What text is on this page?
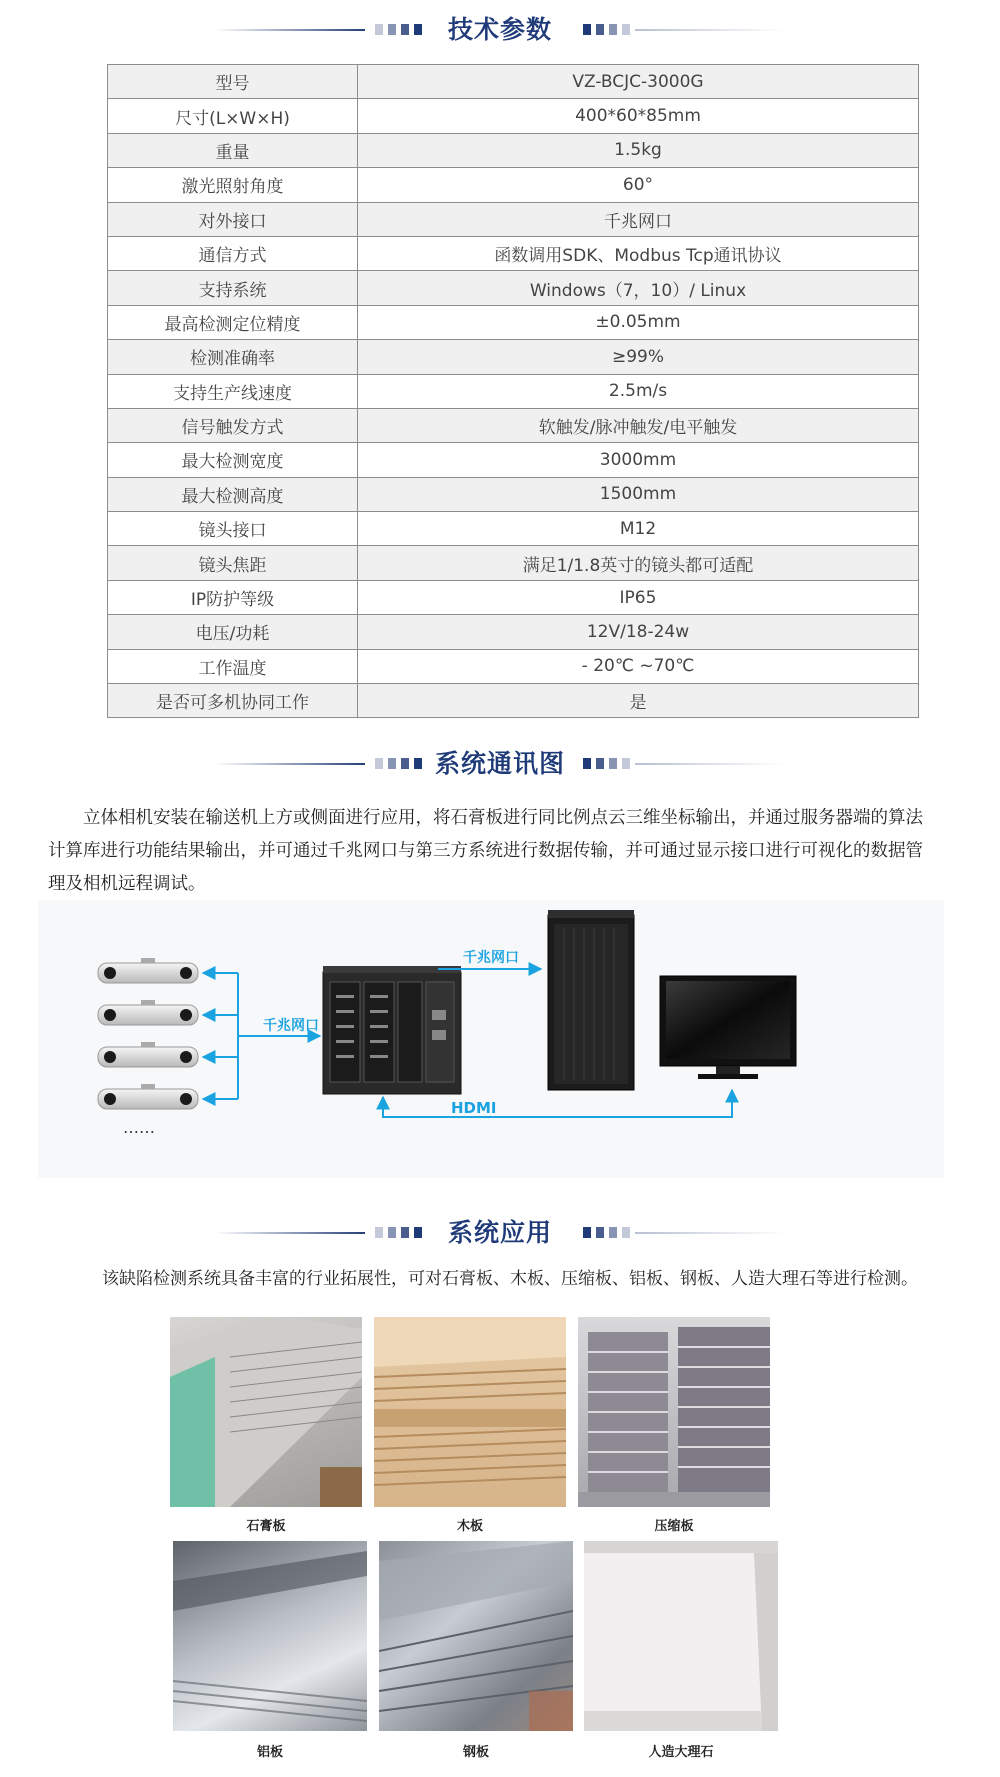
技术参数
型号	VZ-BCJC-3000G
尺寸(L×W×H)	400*60*85mm
重量	1.5kg
激光照射角度	60°
对外接口	千兆网口
通信方式	函数调用SDK、Modbus Tcp通讯协议
支持系统	Windows（7，10）/ Linux
最高检测定位精度	±0.05mm
检测准确率	≥99%
支持生产线速度	2.5m/s
信号触发方式	软触发/脉冲触发/电平触发
最大检测宽度	3000mm
最大检测高度	1500mm
镜头接口	M12
镜头焦距	满足1/1.8英寸的镜头都可适配
IP防护等级	IP65
电压/功耗	12V/18-24w
工作温度	- 20℃ ~70℃
是否可多机协同工作	是
系统通讯图
立体相机安装在输送机上方或侧面进行应用，将石膏板进行同比例点云三维坐标输出，并通过服务器端的算法计算库进行功能结果输出，并可通过千兆网口与第三方系统进行数据传输，并可通过显示接口进行可视化的数据管理及相机远程调试。
……
千兆网口
千兆网口
HDMI
系统应用
该缺陷检测系统具备丰富的行业拓展性，可对石膏板、木板、压缩板、铝板、钢板、人造大理石等进行检测。
石膏板	木板	压缩板
铝板	钢板	人造大理石
